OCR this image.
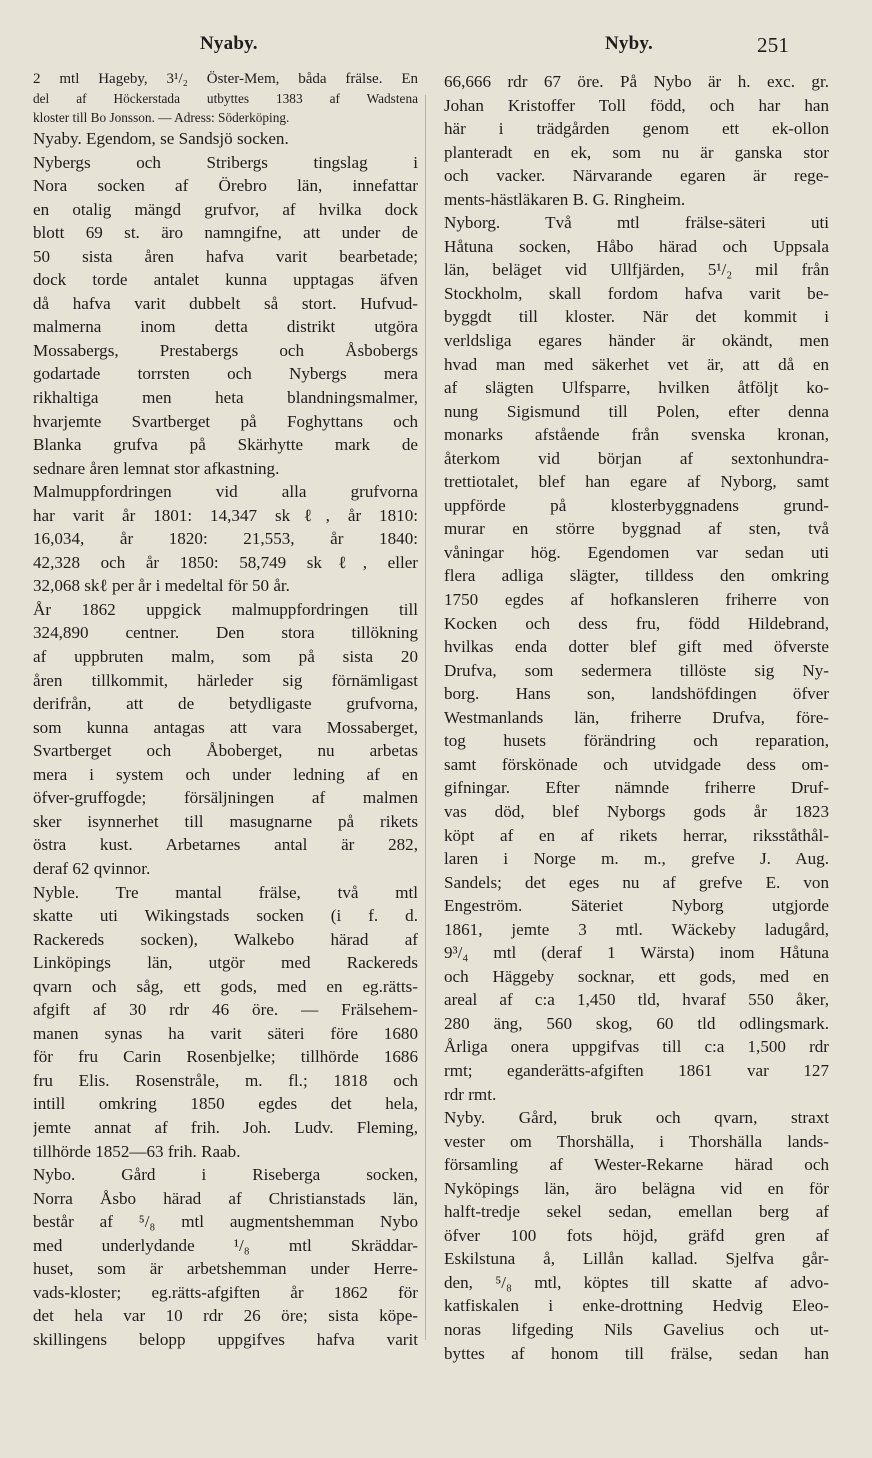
Nyaby.	Nyby.	251
2 mtl Hageby, 3¹/₂ Öster-Mem, båda frälse. En
del af Höckerstada utbyttes 1383 af Wadstena
kloster till Bo Jonsson. — Adress: Söderköping.
Nyaby. Egendom, se Sandsjö socken.
Nybergs och Stribergs tingslag i
Nora socken af Örebro län, innefattar
en otalig mängd grufvor, af hvilka dock
blott 69 st. äro namngifne, att under de
50 sista åren hafva varit bearbetade;
dock torde antalet kunna upptagas äfven
då hafva varit dubbelt så stort. Hufvud-
malmerna inom detta distrikt utgöra
Mossabergs, Prestabergs och Åsbobergs
godartade torrsten och Nybergs mera
rikhaltiga men heta blandningsmalmer,
hvarjemte Svartberget på Foghyttans och
Blanka grufva på Skärhytte mark de
sednare åren lemnat stor afkastning.
Malmuppfordringen vid alla grufvorna
har varit år 1801: 14,347 skℓ, år 1810:
16,034, år 1820: 21,553, år 1840:
42,328 och år 1850: 58,749 skℓ, eller
32,068 skℓ per år i medeltal för 50 år.
År 1862 uppgick malmuppfordringen till
324,890 centner. Den stora tillökning
af uppbruten malm, som på sista 20
åren tillkommit, härleder sig förnämligast
derifrån, att de betydligaste grufvorna,
som kunna antagas att vara Mossaberget,
Svartberget och Åboberget, nu arbetas
mera i system och under ledning af en
öfver-gruffogde; försäljningen af malmen
sker isynnerhet till masugnarne på rikets
östra kust. Arbetarnes antal är 282,
deraf 62 qvinnor.
Nyble. Tre mantal frälse, två mtl
skatte uti Wikingstads socken (i f. d.
Rackereds socken), Walkebo härad af
Linköpings län, utgör med Rackereds
qvarn och såg, ett gods, med en eg.rätts-
afgift af 30 rdr 46 öre. — Frälsehem-
manen synas ha varit säteri före 1680
för fru Carin Rosenbjelke; tillhörde 1686
fru Elis. Rosenstråle, m. fl.; 1818 och
intill omkring 1850 egdes det hela,
jemte annat af frih. Joh. Ludv. Fleming,
tillhörde 1852—63 frih. Raab.
Nybo. Gård i Riseberga socken,
Norra Åsbo härad af Christianstads län,
består af ⁵/₈ mtl augmentshemman Nybo
med underlydande ¹/₈ mtl Skräddar-
huset, som är arbetshemman under Herre-
vads-kloster; eg.rätts-afgiften år 1862 för
det hela var 10 rdr 26 öre; sista köpe-
skillingens belopp uppgifves hafva varit
66,666 rdr 67 öre. På Nybo är h. exc. gr.
Johan Kristoffer Toll född, och har han
här i trädgården genom ett ek-ollon
planteradt en ek, som nu är ganska stor
och vacker. Närvarande egaren är rege-
ments-hästläkaren B. G. Ringheim.
Nyborg. Två mtl frälse-säteri uti
Håtuna socken, Håbo härad och Uppsala
län, beläget vid Ullfjärden, 5¹/₂ mil från
Stockholm, skall fordom hafva varit be-
byggdt till kloster. När det kommit i
verldsliga egares händer är okändt, men
hvad man med säkerhet vet är, att då en
af slägten Ulfsparre, hvilken åtföljt ko-
nung Sigismund till Polen, efter denna
monarks afstående från svenska kronan,
återkom vid början af sextonhundra-
trettiotalet, blef han egare af Nyborg, samt
uppförde på klosterbyggnadens grund-
murar en större byggnad af sten, två
våningar hög. Egendomen var sedan uti
flera adliga slägter, tilldess den omkring
1750 egdes af hofkansleren friherre von
Kocken och dess fru, född Hildebrand,
hvilkas enda dotter blef gift med öfverste
Drufva, som sedermera tillöste sig Ny-
borg. Hans son, landshöfdingen öfver
Westmanlands län, friherre Drufva, före-
tog husets förändring och reparation,
samt förskönade och utvidgade dess om-
gifningar. Efter nämnde friherre Druf-
vas död, blef Nyborgs gods år 1823
köpt af en af rikets herrar, riksståthål-
laren i Norge m. m., grefve J. Aug.
Sandels; det eges nu af grefve E. von
Engeström. Säteriet Nyborg utgjorde
1861, jemte 3 mtl. Wäckeby ladugård,
9³/₄ mtl (deraf 1 Wärsta) inom Håtuna
och Häggeby socknar, ett gods, med en
areal af c:a 1,450 tld, hvaraf 550 åker,
280 äng, 560 skog, 60 tld odlingsmark.
Årliga onera uppgifvas till c:a 1,500 rdr
rmt; eganderätts-afgiften 1861 var 127
rdr rmt.
Nyby. Gård, bruk och qvarn, straxt
vester om Thorshälla, i Thorshälla lands-
församling af Wester-Rekarne härad och
Nyköpings län, äro belägna vid en för
halft-tredje sekel sedan, emellan berg af
öfver 100 fots höjd, gräfd gren af
Eskilstuna å, Lillån kallad. Sjelfva går-
den, ⁵/₈ mtl, köptes till skatte af advo-
katfiskalen i enke-drottning Hedvig Eleo-
noras lifgeding Nils Gavelius och ut-
byttes af honom till frälse, sedan han
